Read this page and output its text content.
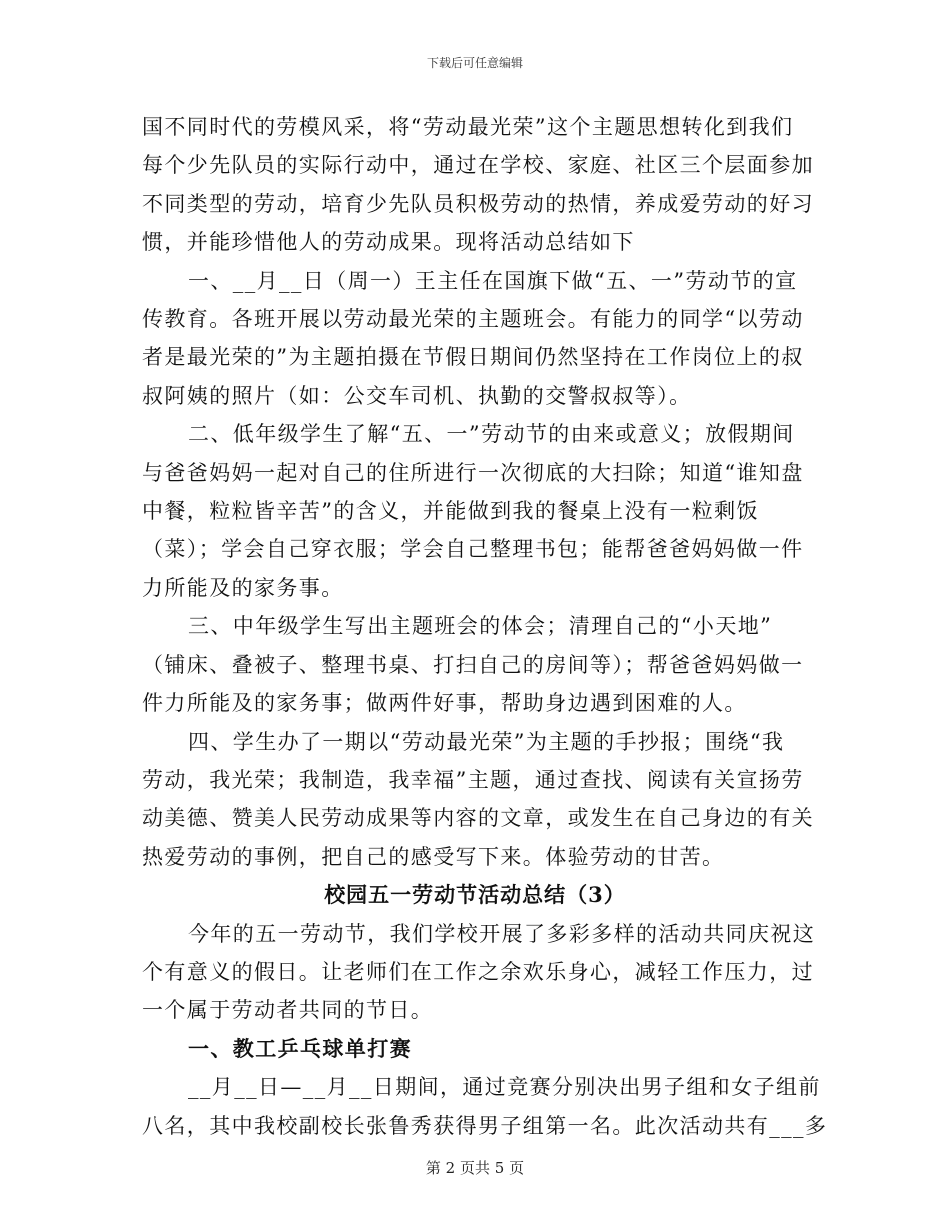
下载后可任意编辑

国不同时代的劳模风采，将“劳动最光荣”这个主题思想转化到我们

每个少先队员的实际行动中，通过在学校、家庭、社区三个层面参加

不同类型的劳动，培育少先队员积极劳动的热情，养成爱劳动的好习

惯，并能珍惜他人的劳动成果。现将活动总结如下

一、__月__日（周一）王主任在国旗下做“五、一”劳动节的宣

传教育。各班开展以劳动最光荣的主题班会。有能力的同学“以劳动

者是最光荣的”为主题拍摄在节假日期间仍然坚持在工作岗位上的叔

叔阿姨的照片（如：公交车司机、执勤的交警叔叔等）。

二、低年级学生了解“五、一”劳动节的由来或意义；放假期间

与爸爸妈妈一起对自己的住所进行一次彻底的大扫除；知道“谁知盘

中餐，粒粒皆辛苦”的含义，并能做到我的餐桌上没有一粒剩饭

（菜）；学会自己穿衣服；学会自己整理书包；能帮爸爸妈妈做一件

力所能及的家务事。

三、中年级学生写出主题班会的体会；清理自己的“小天地”

（铺床、叠被子、整理书桌、打扫自己的房间等）；帮爸爸妈妈做一

件力所能及的家务事；做两件好事，帮助身边遇到困难的人。

四、学生办了一期以“劳动最光荣”为主题的手抄报；围绕“我

劳动，我光荣；我制造，我幸福”主题，通过查找、阅读有关宣扬劳

动美德、赞美人民劳动成果等内容的文章，或发生在自己身边的有关

热爱劳动的事例，把自己的感受写下来。体验劳动的甘苦。

校园五一劳动节活动总结（3）

今年的五一劳动节，我们学校开展了多彩多样的活动共同庆祝这

个有意义的假日。让老师们在工作之余欢乐身心，减轻工作压力，过

一个属于劳动者共同的节日。

一、教工乒乓球单打赛

__月__日—__月__日期间，通过竞赛分别决出男子组和女子组前

八名，其中我校副校长张鲁秀获得男子组第一名。此次活动共有___多

第 2 页共 5 页
